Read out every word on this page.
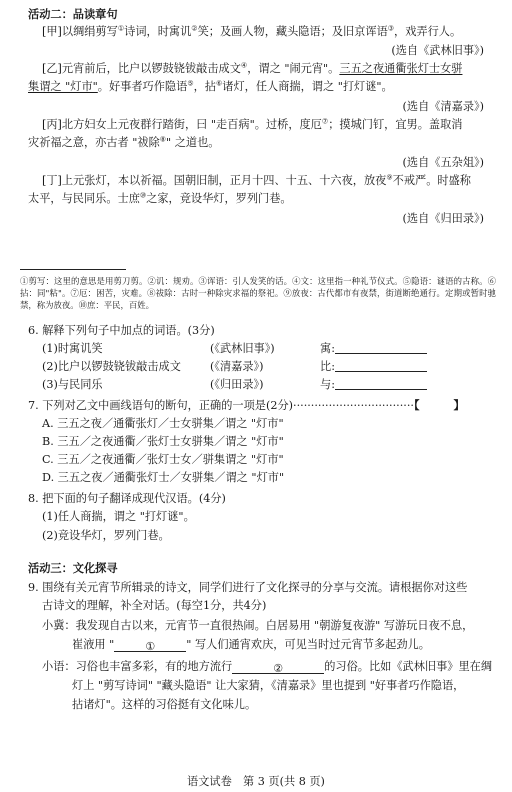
活动二：品读章句
[甲]以绸绢剪写①诗词，时寓讥②笑；及画人物，藏头隐语；及旧京诨语③，戏弄行人。
(选自《武林旧事》)
[乙]元宵前后，比户以锣鼓铙钹敲击成文④，谓之 "闹元宵"。三五之夜通衢张灯士女骈
集谓之 "灯市"。好事者巧作隐语⑤，拈⑥诸灯，任人商揣，谓之 "打灯谜"。
(选自《清嘉录》)
[丙]北方妇女上元夜群行踏街，曰 "走百病"。过桥，度厄⑦；摸城门钉，宜男。盖取消
灾祈福之意，亦古者 "祓除⑧" 之道也。
(选自《五杂俎》)
[丁]上元张灯，本以祈福。国朝旧制，正月十四、十五、十六夜，放夜⑨不戒严。时盛称
太平，与民同乐。士庶⑩之家，竞设华灯，罗列门巷。
(选自《归田录》)
①剪写：这里的意思是用剪刀剪。②讥：规劝。③诨语：引人发笑的话。④文：这里指一种礼节仪式。⑤隐语：谜语的古称。⑥拈：同"粘"。⑦厄：困苦，灾难。⑧祓除：古时一种除灾求福的祭祀。⑨放夜：古代都市有夜禁，街道断绝通行。定期或暂时驰禁，称为放夜。⑩庶：平民，百姓。
6. 解释下列句子中加点的词语。(3分)
(1)时寓讥笑	(《武林旧事》)	寓:
(2)比户以锣鼓铙钹敲击成文	(《清嘉录》)	比:
(3)与民同乐	(《归田录》)	与:
7. 下列对乙文中画线语句的断句，正确的一项是(2分)··································【	】
A. 三五之夜／通衢张灯／士女骈集／谓之 "灯市"
B. 三五／之夜通衢／张灯士女骈集／谓之 "灯市"
C. 三五／之夜通衢／张灯士女／骈集谓之 "灯市"
D. 三五之夜／通衢张灯士／女骈集／谓之 "灯市"
8. 把下面的句子翻译成现代汉语。(4分)
(1)任人商揣，谓之 "打灯谜"。
(2)竞设华灯，罗列门巷。
活动三：文化探寻
9. 围绕有关元宵节所辑录的诗文，同学们进行了文化探寻的分享与交流。请根据你对这些
古诗文的理解，补全对话。(每空1分，共4分)
小冀：我发现自古以来，元宵节一直很热闹。白居易用 "朝游复夜游" 写游玩日夜不息，
崔液用 "	①	" 写人们通宵欢庆，可见当时过元宵节多起劲儿。
小语：习俗也丰富多彩，有的地方流行	②	的习俗。比如《武林旧事》里在绸
灯上 "剪写诗词" "藏头隐语" 让大家猜，《清嘉录》里也提到 "好事者巧作隐语，
拈诸灯"。这样的习俗挺有文化味儿。
语文试卷　第 3 页(共 8 页)
